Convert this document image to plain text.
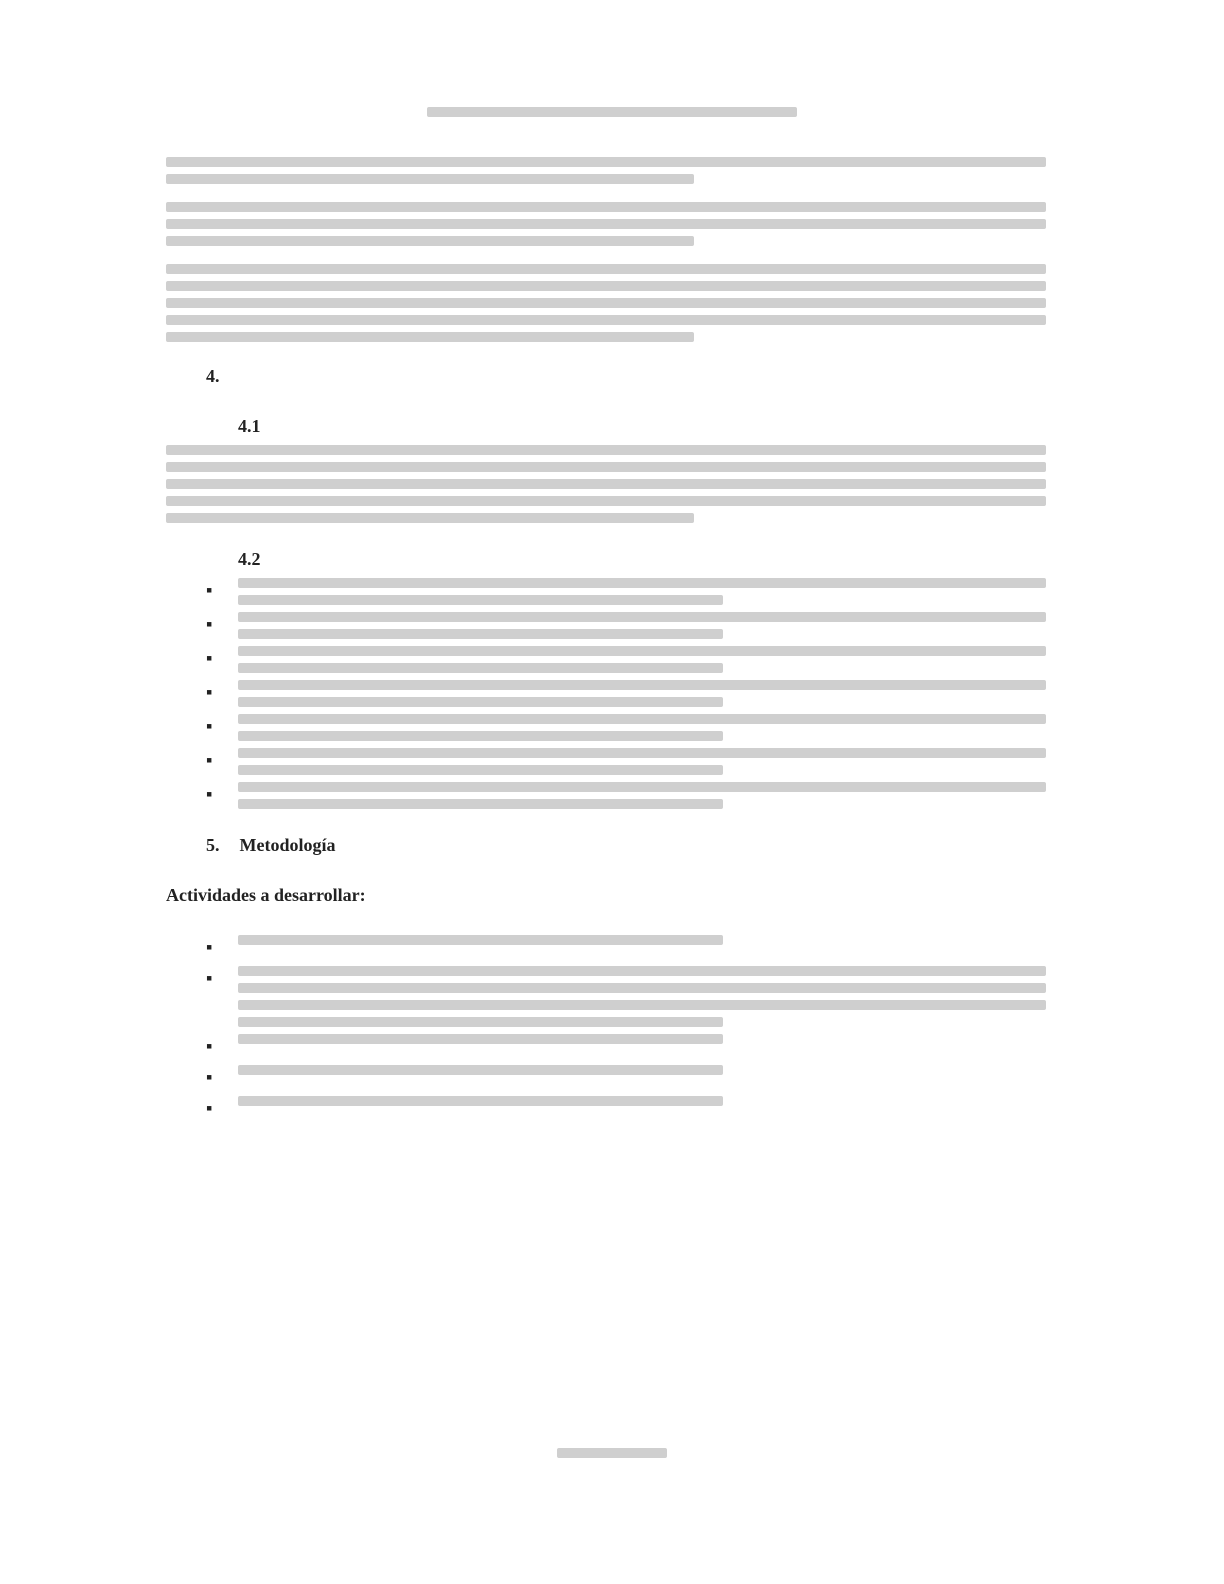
4.
4.1

4.2
▪
▪
▪
▪
▪
▪
▪
5. Metodología
Actividades a desarrollar:
▪
▪
▪
▪
▪
